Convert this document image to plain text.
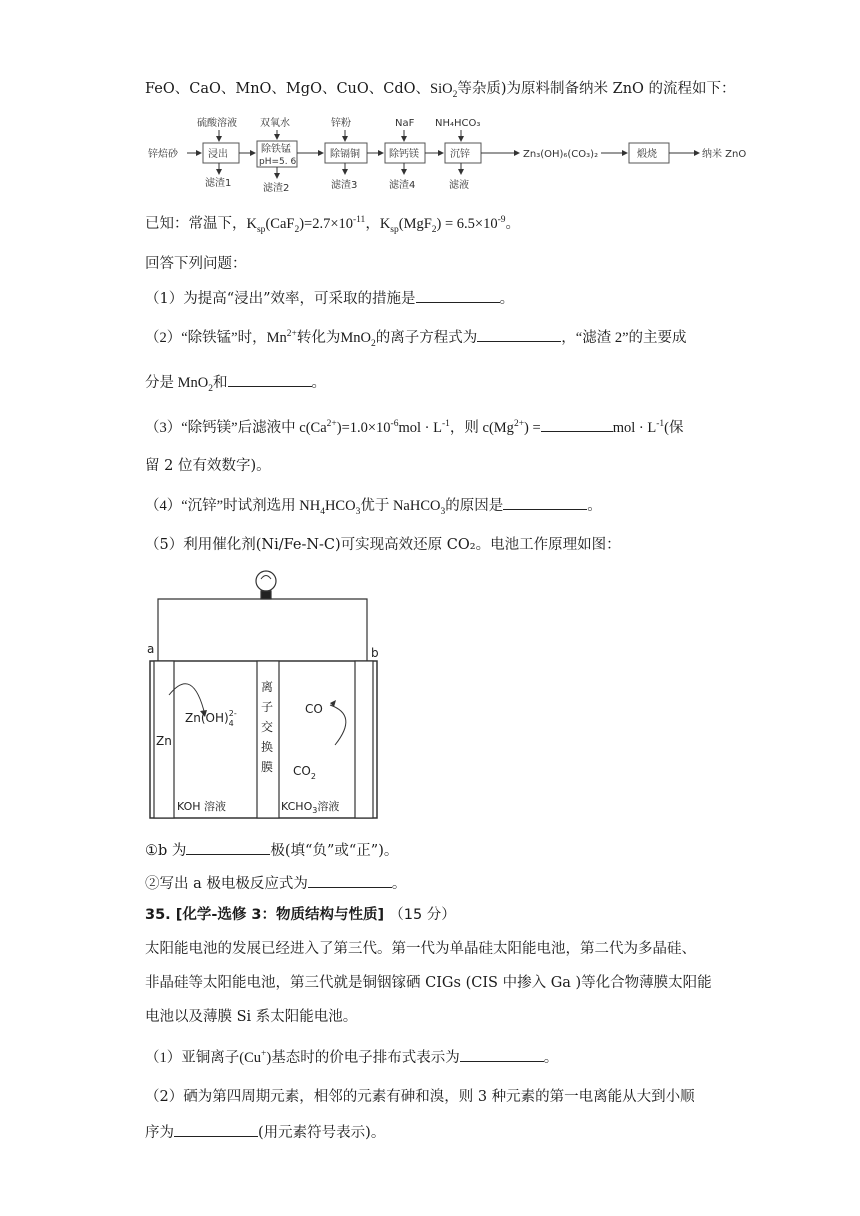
FeO、CaO、MnO、MgO、CuO、CdO、SiO$_2$等杂质)为原料制备纳米 ZnO 的流程如下：
锌焙砂
硫酸溶液
浸出
滤渣1
双氧水
除铁锰
pH=5. 6
滤渣2
锌粉
除镉铜
滤渣3
NaF
除钙镁
滤渣4
NH₄HCO₃
沉锌
滤液
Zn₃(OH)₆(CO₃)₂	煅烧	纳米 ZnO
已知：常温下，$K_{sp}(CaF_2)=2.7\times 10^{-11}$，$K_{sp}(MgF_2) = 6.5\times 10^{-9}$。
回答下列问题：
（1）为提高“浸出”效率，可采取的措施是	。
（2）“除铁锰”时，$Mn^{2+}$转化为MnO$_2$的离子方程式为	，“滤渣 2”的主要成
分是 MnO$_2$和	。
（3）“除钙镁”后滤液中 $c(Ca^{2+})=1.0\times 10^{-6}mol \cdot L^{-1}$，则 $c(Mg^{2+})$ =	mol · $L^{-1}$(保
留 2 位有效数字)。
（4）“沉锌”时试剂选用 $NH_4HCO_3$优于 NaHCO$_3$的原因是	。
（5）利用催化剂(Ni/Fe-N-C)可实现高效还原 CO₂。电池工作原理如图：
a	b
Zn
$Zn(OH)_42-$
离
子
交
换
膜
CO
$CO_2$
KOH 溶液	$KCHO_3$溶液
①b 为	极(填“负”或“正”)。
②写出 a 极电极反应式为	。
35. [化学-选修 3：物质结构与性质] （15 分）
太阳能电池的发展已经进入了第三代。第一代为单晶硅太阳能电池，第二代为多晶硅、
非晶硅等太阳能电池，第三代就是铜铟镓硒 CIGs (CIS 中掺入 Ga )等化合物薄膜太阳能
电池以及薄膜 Si 系太阳能电池。
（1）亚铜离子(Cu+)基态时的价电子排布式表示为	。
（2）硒为第四周期元素，相邻的元素有砷和溴，则 3 种元素的第一电离能从大到小顺
序为	(用元素符号表示)。
